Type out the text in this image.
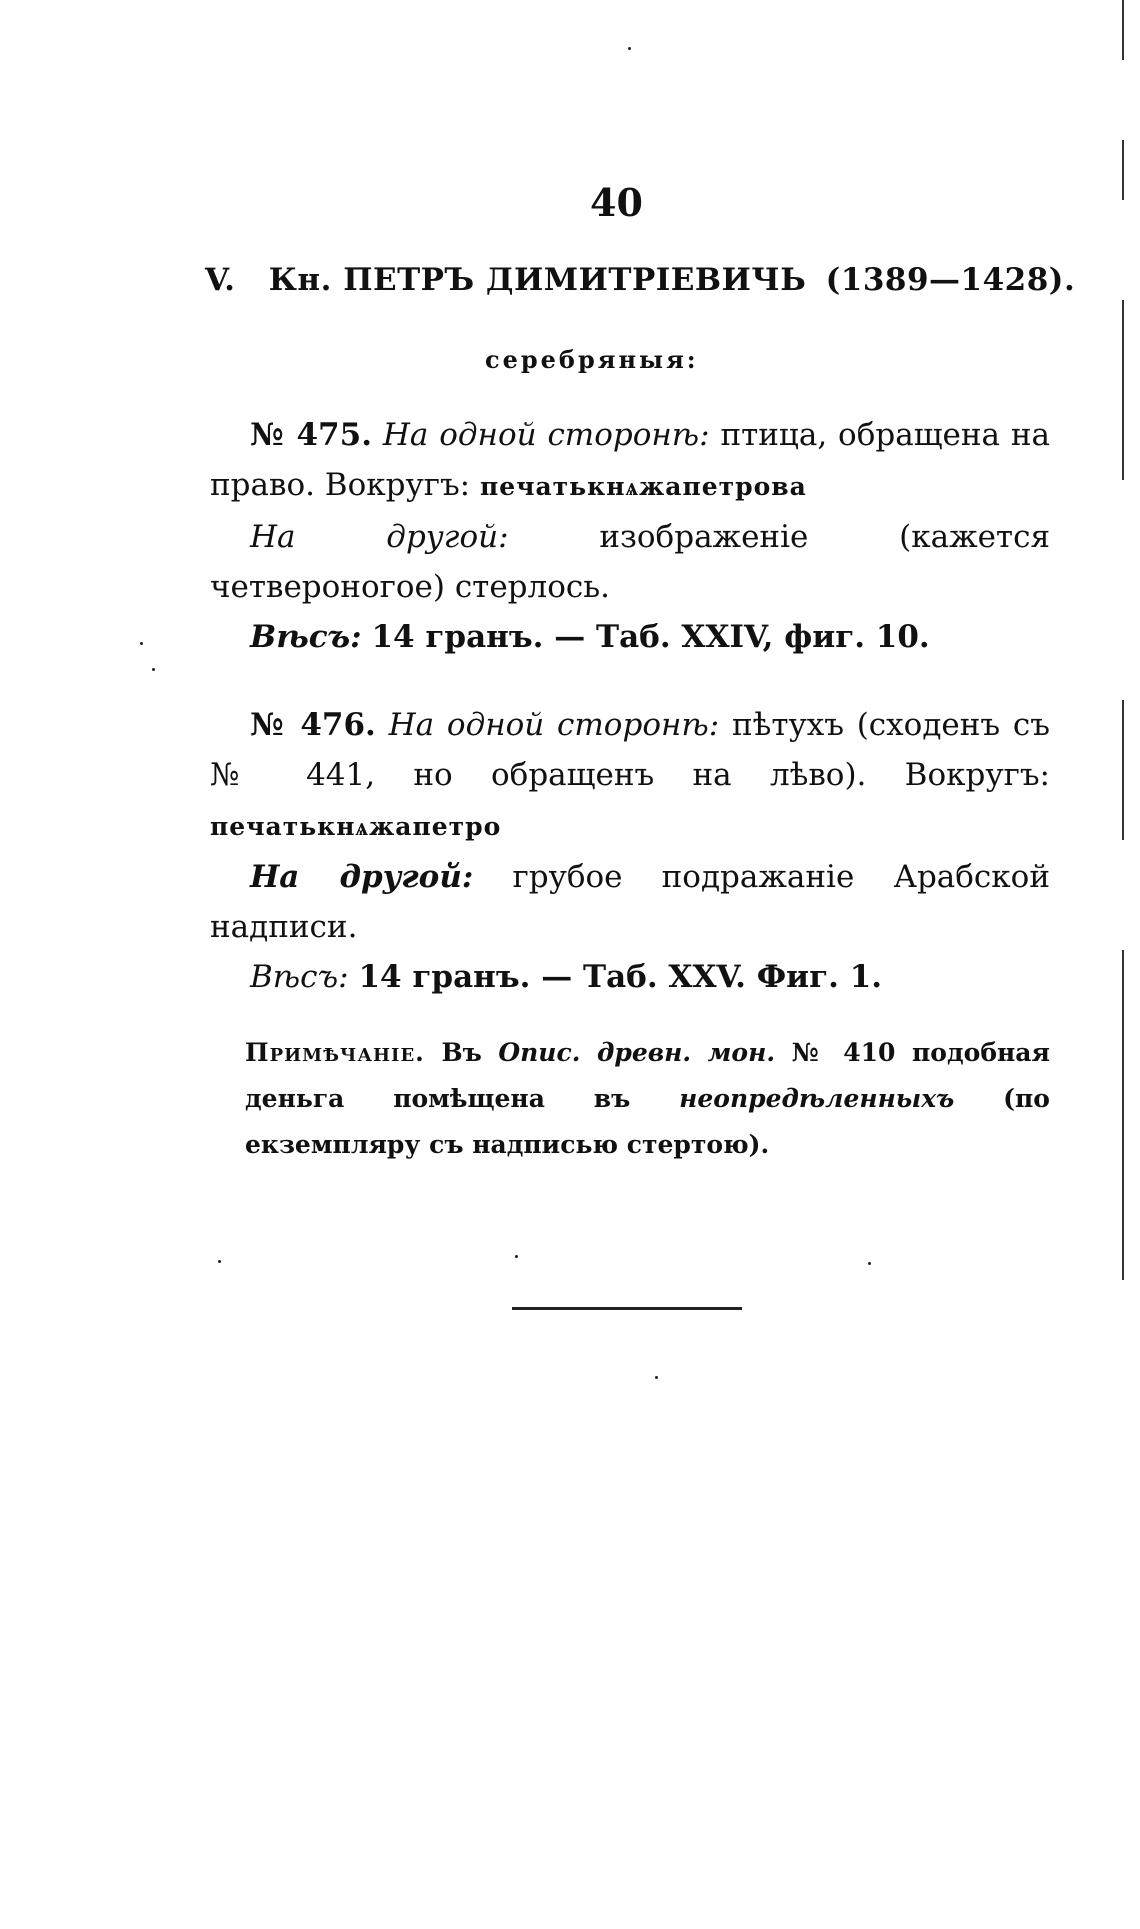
40
V. Кн. ПЕТРЪ ДИМИТРІЕВИЧЬ (1389—1428).
серебряныя:

№ 475. На одной сторонѣ: птица, обращена на право. Вокругъ: печатькнѧжапетрова

На другой:	изображеніе (кажется четвероногое) стерлось.

Вѣсъ: 14 гранъ. — Таб. XXIV, фиг. 10.

№ 476. На одной сторонѣ: пѣтухъ (сходенъ съ № 441, но обращенъ на лѣво). Вокругъ: печатькнѧжапетро

На другой: грубое подражаніе Арабской надписи.

Вѣсъ: 14 гранъ. — Таб. XXV. Фиг. 1.

Примѣчаніе. Въ Опис. древн. мон. № 410 подобная деньга помѣщена въ неопредѣленныхъ (по екземпляру съ надписью стертою).
